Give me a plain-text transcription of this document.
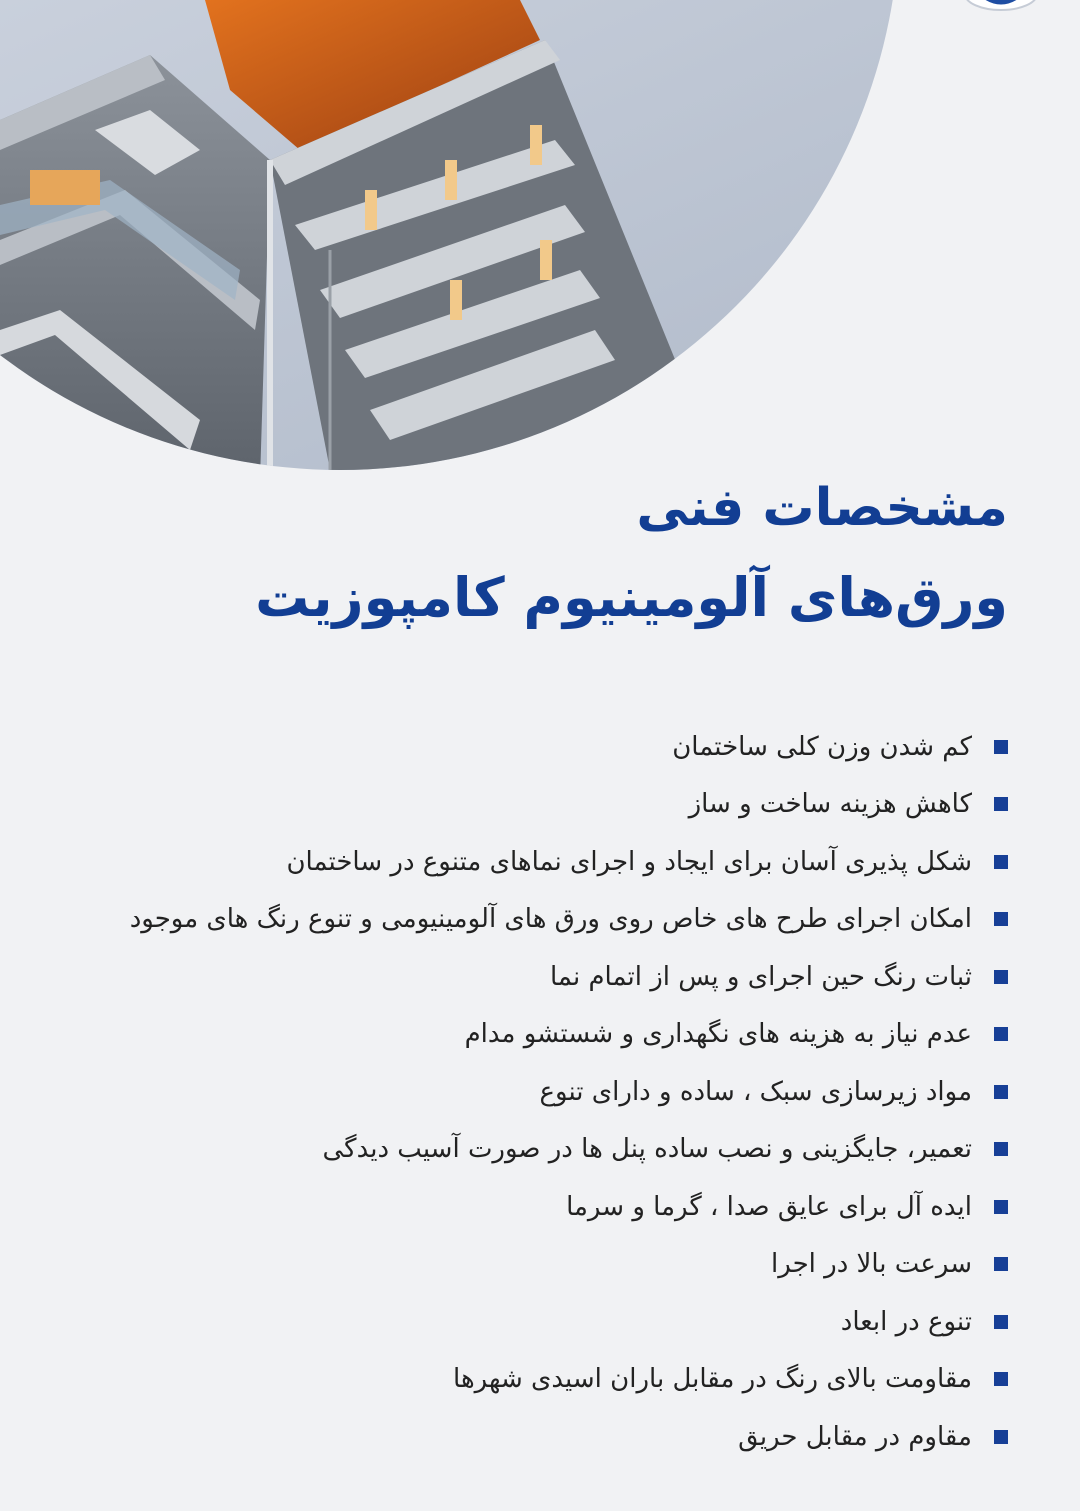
مشخصات فنی
ورق‌های آلومینیوم کامپوزیت
کم شدن وزن کلی ساختمان
کاهش هزینه ساخت و ساز
شکل پذیری آسان برای ایجاد و اجرای نماهای متنوع در ساختمان
امکان اجرای طرح های خاص روی ورق های آلومینیومی و تنوع رنگ های موجود
ثبات رنگ حین اجرای و پس از اتمام نما
عدم نیاز به هزینه های نگهداری و شستشو مدام
مواد زیرسازی سبک ، ساده و دارای تنوع
تعمیر، جایگزینی و نصب ساده پنل ها در صورت آسیب دیدگی
ایده آل برای عایق صدا ، گرما و سرما
سرعت بالا در اجرا
تنوع در ابعاد
مقاومت بالای رنگ در مقابل باران اسیدی شهرها
مقاوم در مقابل حریق
